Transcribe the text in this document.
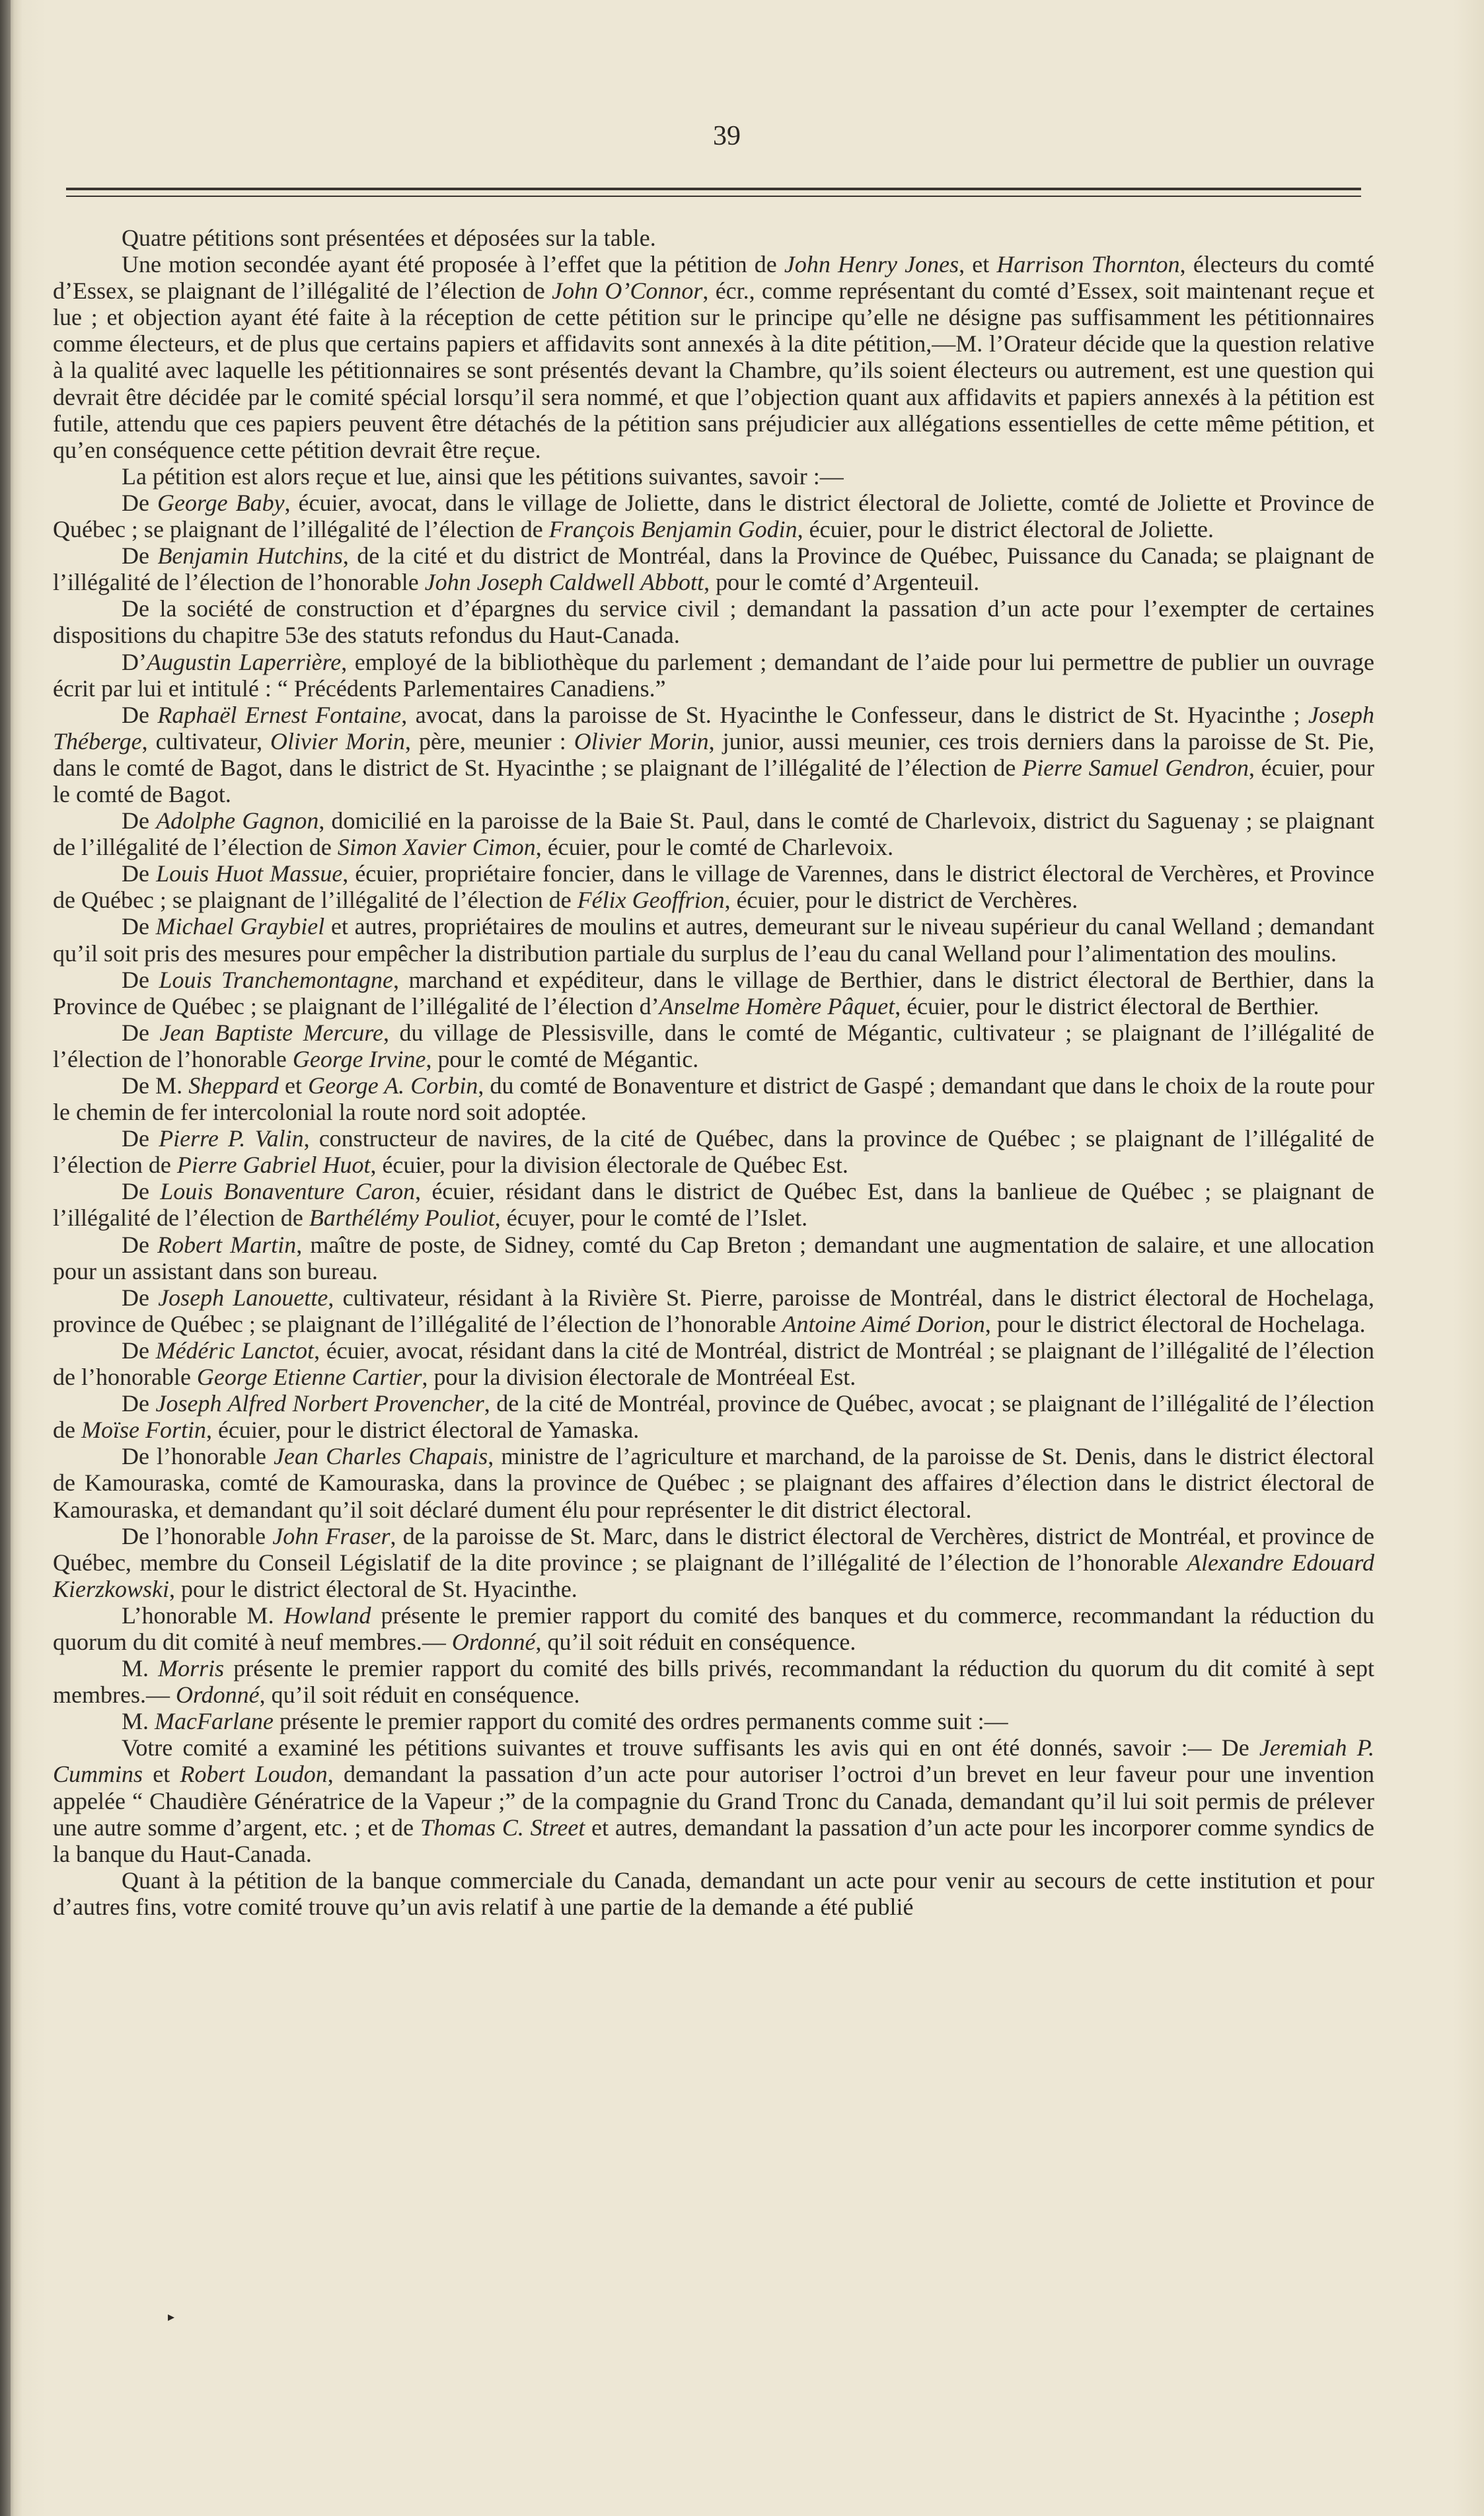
39

Quatre pétitions sont présentées et déposées sur la table.

Une motion secondée ayant été proposée à l’effet que la pétition de John Henry Jones, et Harrison Thornton, électeurs du comté d’Essex, se plaignant de l’illégalité de l’élection de John O’Connor, écr., comme représentant du comté d’Essex, soit maintenant reçue et lue ; et objection ayant été faite à la réception de cette pétition sur le principe qu’elle ne désigne pas suffisamment les pétitionnaires comme électeurs, et de plus que certains papiers et affidavits sont annexés à la dite pétition,—M. l’Orateur décide que la question relative à la qualité avec laquelle les pétitionnaires se sont présentés devant la Chambre, qu’ils soient électeurs ou autrement, est une question qui devrait être décidée par le comité spécial lorsqu’il sera nommé, et que l’objection quant aux affidavits et papiers annexés à la pétition est futile, attendu que ces papiers peuvent être détachés de la pétition sans préjudicier aux allégations essentielles de cette même pétition, et qu’en conséquence cette pétition devrait être reçue.

La pétition est alors reçue et lue, ainsi que les pétitions suivantes, savoir :—

De George Baby, écuier, avocat, dans le village de Joliette, dans le district électoral de Joliette, comté de Joliette et Province de Québec ; se plaignant de l’illégalité de l’élection de François Benjamin Godin, écuier, pour le district électoral de Joliette.

De Benjamin Hutchins, de la cité et du district de Montréal, dans la Province de Québec, Puissance du Canada; se plaignant de l’illégalité de l’élection de l’honorable John Joseph Caldwell Abbott, pour le comté d’Argenteuil.

De la société de construction et d’épargnes du service civil ; demandant la passation d’un acte pour l’exempter de certaines dispositions du chapitre 53e des statuts refondus du Haut-Canada.

D’Augustin Laperrière, employé de la bibliothèque du parlement ; demandant de l’aide pour lui permettre de publier un ouvrage écrit par lui et intitulé : “ Précédents Parlementaires Canadiens.”

De Raphaël Ernest Fontaine, avocat, dans la paroisse de St. Hyacinthe le Confesseur, dans le district de St. Hyacinthe ; Joseph Théberge, cultivateur, Olivier Morin, père, meunier : Olivier Morin, junior, aussi meunier, ces trois derniers dans la paroisse de St. Pie, dans le comté de Bagot, dans le district de St. Hyacinthe ; se plaignant de l’illégalité de l’élection de Pierre Samuel Gendron, écuier, pour le comté de Bagot.

De Adolphe Gagnon, domicilié en la paroisse de la Baie St. Paul, dans le comté de Charlevoix, district du Saguenay ; se plaignant de l’illégalité de l’élection de Simon Xavier Cimon, écuier, pour le comté de Charlevoix.

De Louis Huot Massue, écuier, propriétaire foncier, dans le village de Varennes, dans le district électoral de Verchères, et Province de Québec ; se plaignant de l’illégalité de l’élection de Félix Geoffrion, écuier, pour le district de Verchères.

De Michael Graybiel et autres, propriétaires de moulins et autres, demeurant sur le niveau supérieur du canal Welland ; demandant qu’il soit pris des mesures pour empêcher la distribution partiale du surplus de l’eau du canal Welland pour l’alimentation des moulins.

De Louis Tranchemontagne, marchand et expéditeur, dans le village de Berthier, dans le district électoral de Berthier, dans la Province de Québec ; se plaignant de l’illégalité de l’élection d’Anselme Homère Pâquet, écuier, pour le district électoral de Berthier.

De Jean Baptiste Mercure, du village de Plessisville, dans le comté de Mégantic, cultivateur ; se plaignant de l’illégalité de l’élection de l’honorable George Irvine, pour le comté de Mégantic.

De M. Sheppard et George A. Corbin, du comté de Bonaventure et district de Gaspé ; demandant que dans le choix de la route pour le chemin de fer intercolonial la route nord soit adoptée.

De Pierre P. Valin, constructeur de navires, de la cité de Québec, dans la province de Québec ; se plaignant de l’illégalité de l’élection de Pierre Gabriel Huot, écuier, pour la division électorale de Québec Est.

De Louis Bonaventure Caron, écuier, résidant dans le district de Québec Est, dans la banlieue de Québec ; se plaignant de l’illégalité de l’élection de Barthélémy Pouliot, écuyer, pour le comté de l’Islet.

De Robert Martin, maître de poste, de Sidney, comté du Cap Breton ; demandant une augmentation de salaire, et une allocation pour un assistant dans son bureau.

De Joseph Lanouette, cultivateur, résidant à la Rivière St. Pierre, paroisse de Montréal, dans le district électoral de Hochelaga, province de Québec ; se plaignant de l’illégalité de l’élection de l’honorable Antoine Aimé Dorion, pour le district électoral de Hochelaga.

De Médéric Lanctot, écuier, avocat, résidant dans la cité de Montréal, district de Montréal ; se plaignant de l’illégalité de l’élection de l’honorable George Etienne Cartier, pour la division électorale de Montréeal Est.

De Joseph Alfred Norbert Provencher, de la cité de Montréal, province de Québec, avocat ; se plaignant de l’illégalité de l’élection de Moïse Fortin, écuier, pour le district électoral de Yamaska.

De l’honorable Jean Charles Chapais, ministre de l’agriculture et marchand, de la paroisse de St. Denis, dans le district électoral de Kamouraska, comté de Kamouraska, dans la province de Québec ; se plaignant des affaires d’élection dans le district électoral de Kamouraska, et demandant qu’il soit déclaré dument élu pour représenter le dit district électoral.

De l’honorable John Fraser, de la paroisse de St. Marc, dans le district électoral de Verchères, district de Montréal, et province de Québec, membre du Conseil Législatif de la dite province ; se plaignant de l’illégalité de l’élection de l’honorable Alexandre Edouard Kierzkowski, pour le district électoral de St. Hyacinthe.

L’honorable M. Howland présente le premier rapport du comité des banques et du commerce, recommandant la réduction du quorum du dit comité à neuf membres.— Ordonné, qu’il soit réduit en conséquence.

M. Morris présente le premier rapport du comité des bills privés, recommandant la réduction du quorum du dit comité à sept membres.— Ordonné, qu’il soit réduit en conséquence.

M. MacFarlane présente le premier rapport du comité des ordres permanents comme suit :—

Votre comité a examiné les pétitions suivantes et trouve suffisants les avis qui en ont été donnés, savoir :— De Jeremiah P. Cummins et Robert Loudon, demandant la passation d’un acte pour autoriser l’octroi d’un brevet en leur faveur pour une invention appelée “ Chaudière Génératrice de la Vapeur ;” de la compagnie du Grand Tronc du Canada, demandant qu’il lui soit permis de prélever une autre somme d’argent, etc. ; et de Thomas C. Street et autres, demandant la passation d’un acte pour les incorporer comme syndics de la banque du Haut-Canada.

Quant à la pétition de la banque commerciale du Canada, demandant un acte pour venir au secours de cette institution et pour d’autres fins, votre comité trouve qu’un avis relatif à une partie de la demande a été publié

▸
